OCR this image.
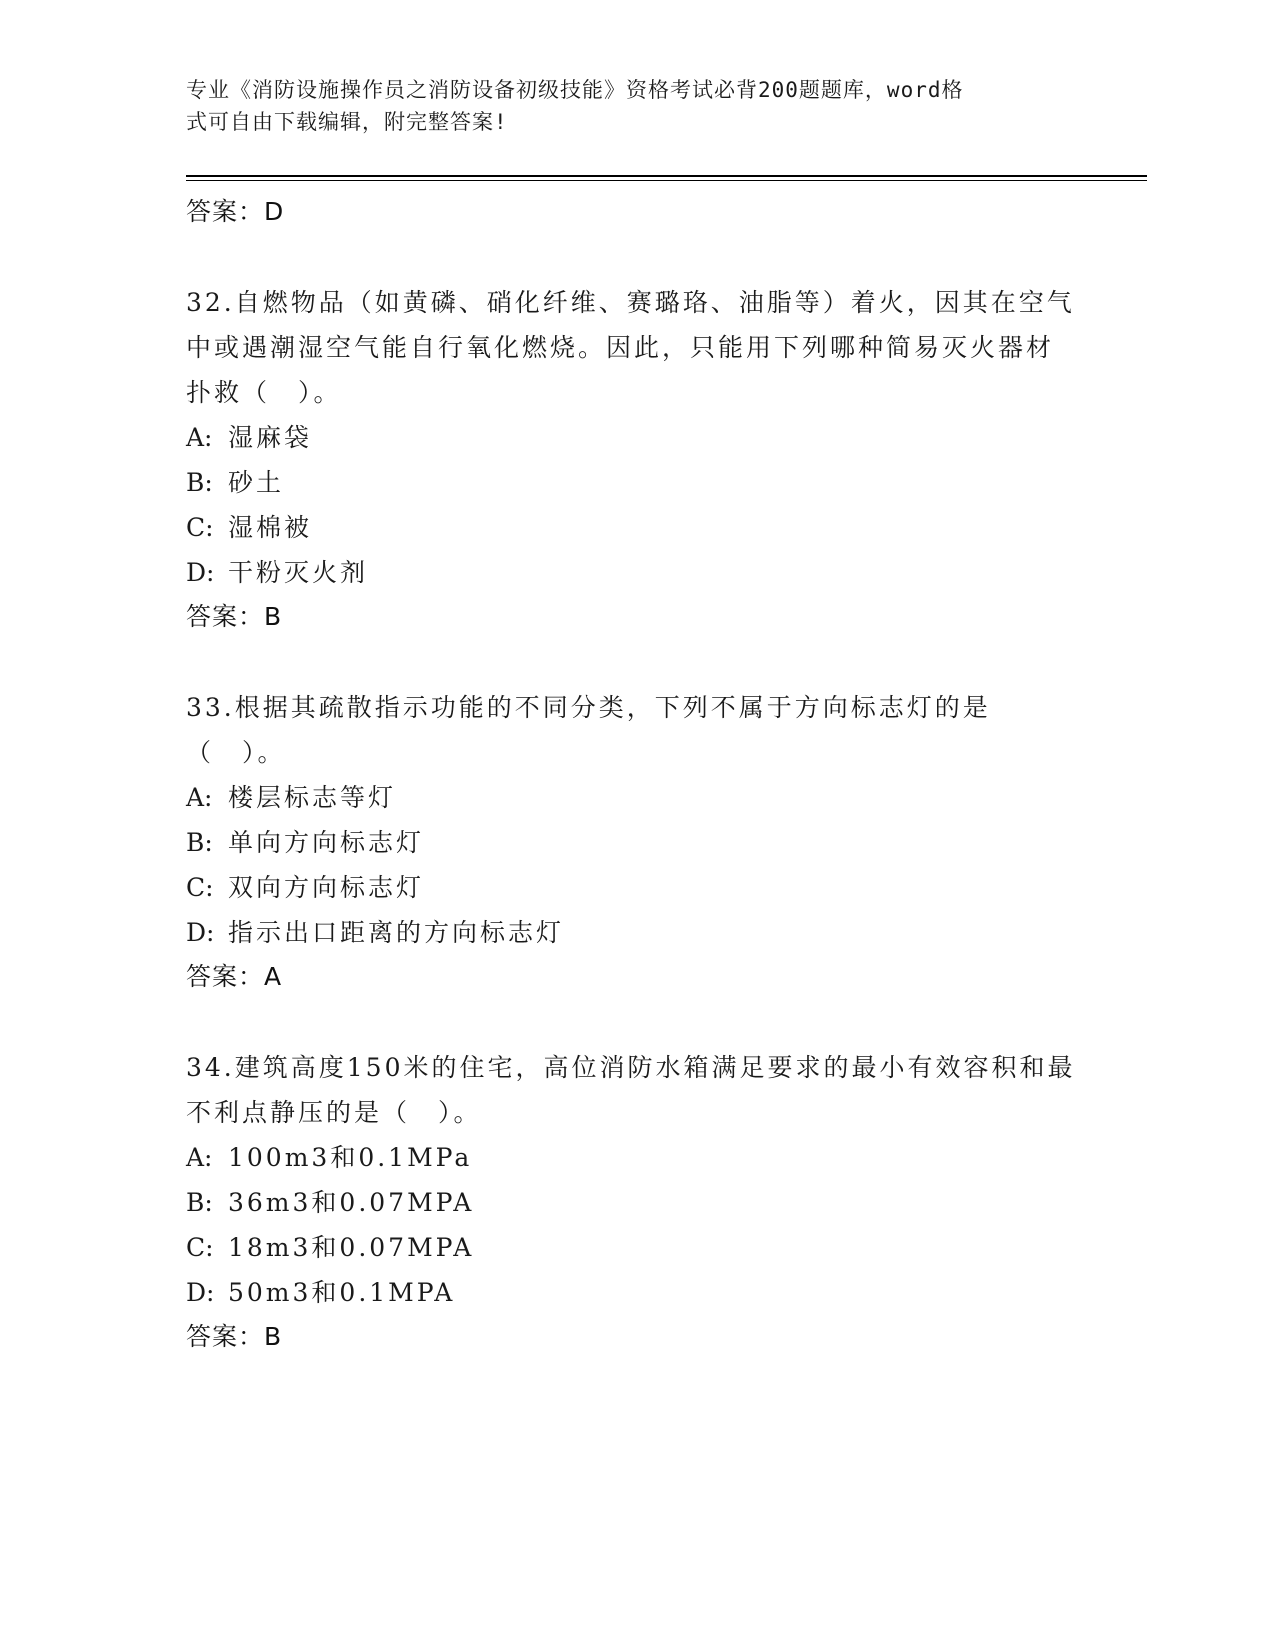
专业《消防设施操作员之消防设备初级技能》资格考试必背200题题库，word格
式可自由下载编辑，附完整答案!
答案：D
32.自燃物品（如黄磷、硝化纤维、赛璐珞、油脂等）着火，因其在空气中或遇潮湿空气能自行氧化燃烧。因此，只能用下列哪种简易灭火器材扑救（　）。
A: 湿麻袋
B: 砂土
C: 湿棉被
D: 干粉灭火剂
答案：B
33.根据其疏散指示功能的不同分类，下列不属于方向标志灯的是（　）。
A: 楼层标志等灯
B: 单向方向标志灯
C: 双向方向标志灯
D: 指示出口距离的方向标志灯
答案：A
34.建筑高度150米的住宅，高位消防水箱满足要求的最小有效容积和最不利点静压的是（　）。
A: 100m3和0.1MPa
B: 36m3和0.07MPA
C: 18m3和0.07MPA
D: 50m3和0.1MPA
答案：B
